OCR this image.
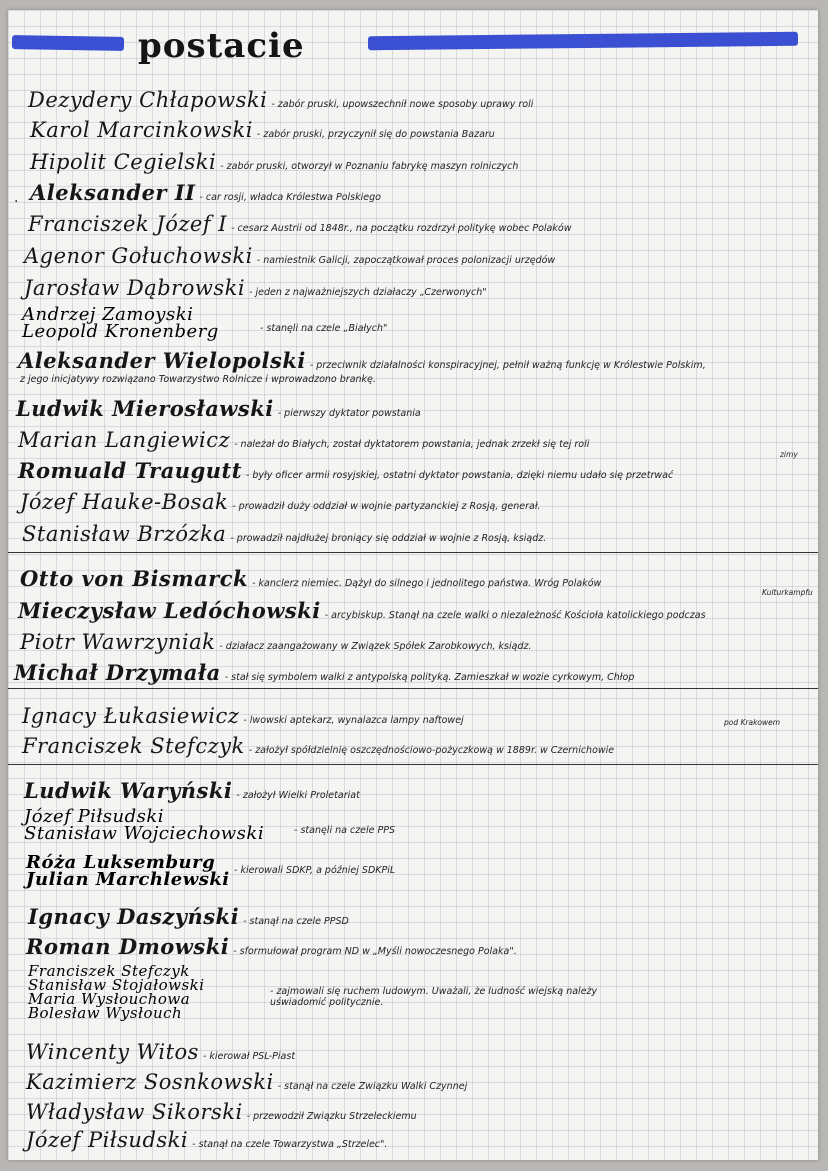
postacie
·
Dezydery Chłapowski - zabór pruski, upowszechnił nowe sposoby uprawy roli
Karol Marcinkowski - zabór pruski, przyczynił się do powstania Bazaru
Hipolit Cegielski - zabór pruski, otworzył w Poznaniu fabrykę maszyn rolniczych
Aleksander II - car rosji, władca Królestwa Polskiego
Franciszek Józef I - cesarz Austrii od 1848r., na początku rozdrzył politykę wobec Polaków
Agenor Gołuchowski - namiestnik Galicji, zapoczątkował proces polonizacji urzędów
Jarosław Dąbrowski - jeden z najważniejszych działaczy „Czerwonych"
Andrzej Zamoyski
Leopold Kronenberg	- stanęli na czele „Białych"
Aleksander Wielopolski - przeciwnik działalności konspiracyjnej, pełnił ważną funkcję w Królestwie Polskim,
z jego inicjatywy rozwiązano Towarzystwo Rolnicze i wprowadzono brankę.
Ludwik Mierosławski - pierwszy dyktator powstania
Marian Langiewicz - należał do Białych, został dyktatorem powstania, jednak zrzekł się tej roli
Romuald Traugutt - były oficer armii rosyjskiej, ostatni dyktator powstania, dzięki niemu udało się przetrwać
zimy
Józef Hauke-Bosak - prowadził duży oddział w wojnie partyzanckiej z Rosją, generał.
Stanisław Brzózka - prowadził najdłużej broniący się oddział w wojnie z Rosją, ksiądz.
Otto von Bismarck - kanclerz niemiec. Dążył do silnego i jednolitego państwa. Wróg Polaków
Kulturkampfu
Mieczysław Ledóchowski - arcybiskup. Stanął na czele walki o niezależność Kościoła katolickiego podczas
Piotr Wawrzyniak - działacz zaangażowany w Związek Spółek Zarobkowych, ksiądz.
Michał Drzymała - stał się symbolem walki z antypolską polityką. Zamieszkał w wozie cyrkowym, Chłop
Ignacy Łukasiewicz - lwowski aptekarz, wynalazca lampy naftowej	pod Krakowem
Franciszek Stefczyk - założył spółdzielnię oszczędnościowo-pożyczkową w 1889r. w Czernichowie
Ludwik Waryński - założył Wielki Proletariat
Józef Piłsudski
Stanisław Wojciechowski	- stanęli na czele PPS
Róża Luksemburg
Julian Marchlewski - kierowali SDKP, a później SDKPiL
Ignacy Daszyński - stanął na czele PPSD
Roman Dmowski - sformułował program ND w „Myśli nowoczesnego Polaka".
Franciszek Stefczyk
Stanisław Stojałowski
Maria Wysłouchowa
Bolesław Wysłouch
- zajmowali się ruchem ludowym. Uważali, że ludność wiejską należy
uświadomić politycznie.
Wincenty Witos - kierował PSL-Piast
Kazimierz Sosnkowski - stanął na czele Związku Walki Czynnej
Władysław Sikorski - przewodził Związku Strzeleckiemu
Józef Piłsudski - stanął na czele Towarzystwa „Strzelec".
